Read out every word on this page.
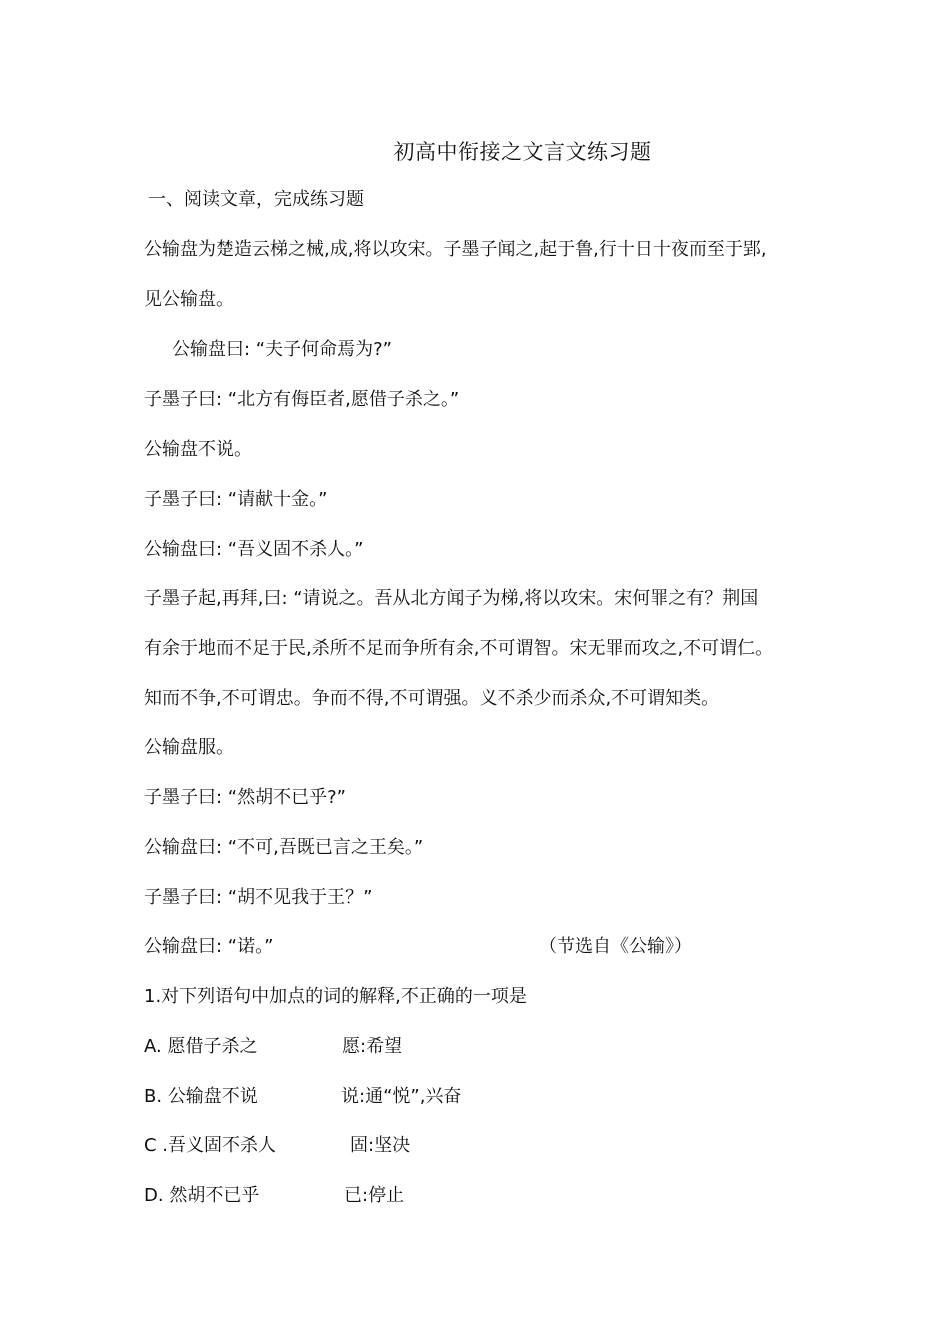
初高中衔接之文言文练习题
一、阅读文章，完成练习题
公输盘为楚造云梯之械,成,将以攻宋。子墨子闻之,起于鲁,行十日十夜而至于郢,
见公输盘。
公输盘曰: “夫子何命焉为?”
子墨子曰: “北方有侮臣者,愿借子杀之。”
公输盘不说。
子墨子曰: “请献十金。”
公输盘曰: “吾义固不杀人。”
子墨子起,再拜,曰: “请说之。吾从北方闻子为梯,将以攻宋。宋何罪之有？荆国
有余于地而不足于民,杀所不足而争所有余,不可谓智。宋无罪而攻之,不可谓仁。
知而不争,不可谓忠。争而不得,不可谓强。义不杀少而杀众,不可谓知类。
公输盘服。
子墨子曰: “然胡不已乎?”
公输盘曰: “不可,吾既已言之王矣。”
子墨子曰: “胡不见我于王？”
公输盘曰: “诺。”	（节选自《公输》）
1.对下列语句中加点的词的解释,不正确的一项是
A. 愿借子杀之	愿:希望
B. 公输盘不说	说:通“悦”,兴奋
C .吾义固不杀人	固:坚决
D. 然胡不已乎	已:停止
